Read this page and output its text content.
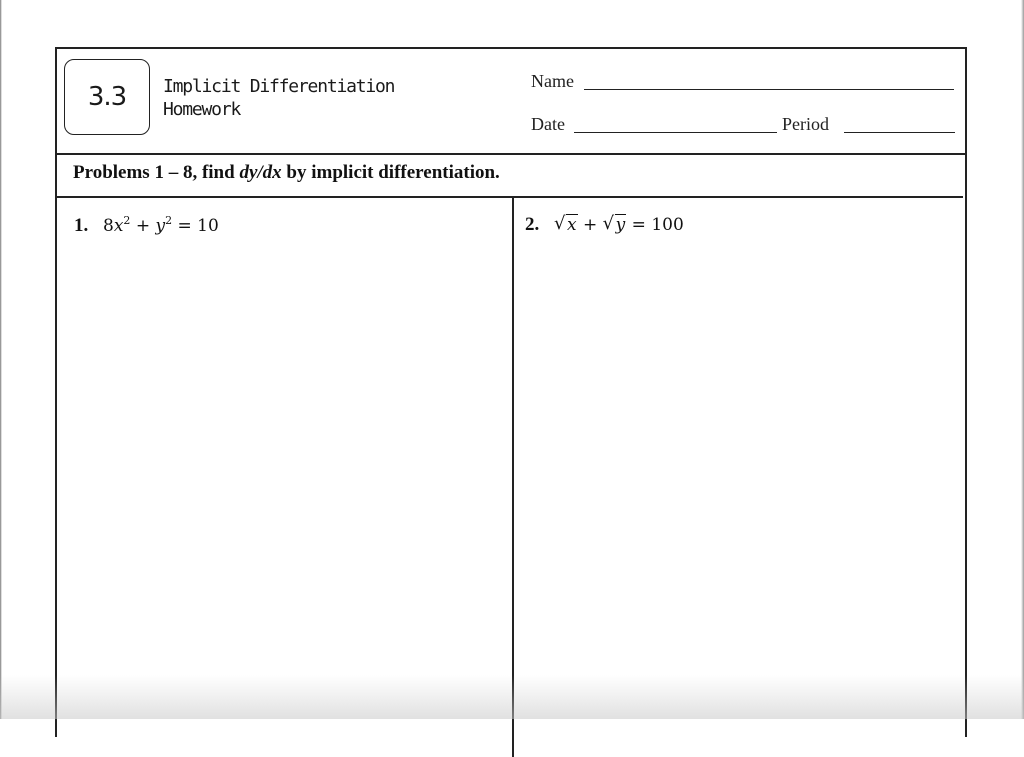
3.3 Implicit Differentiation
Homework
Name
Date	Period
Problems 1 – 8, find dy/dx by implicit differentiation.
1. $8x^2 + y^2 = 10$	2. √ x + √ y = 100
